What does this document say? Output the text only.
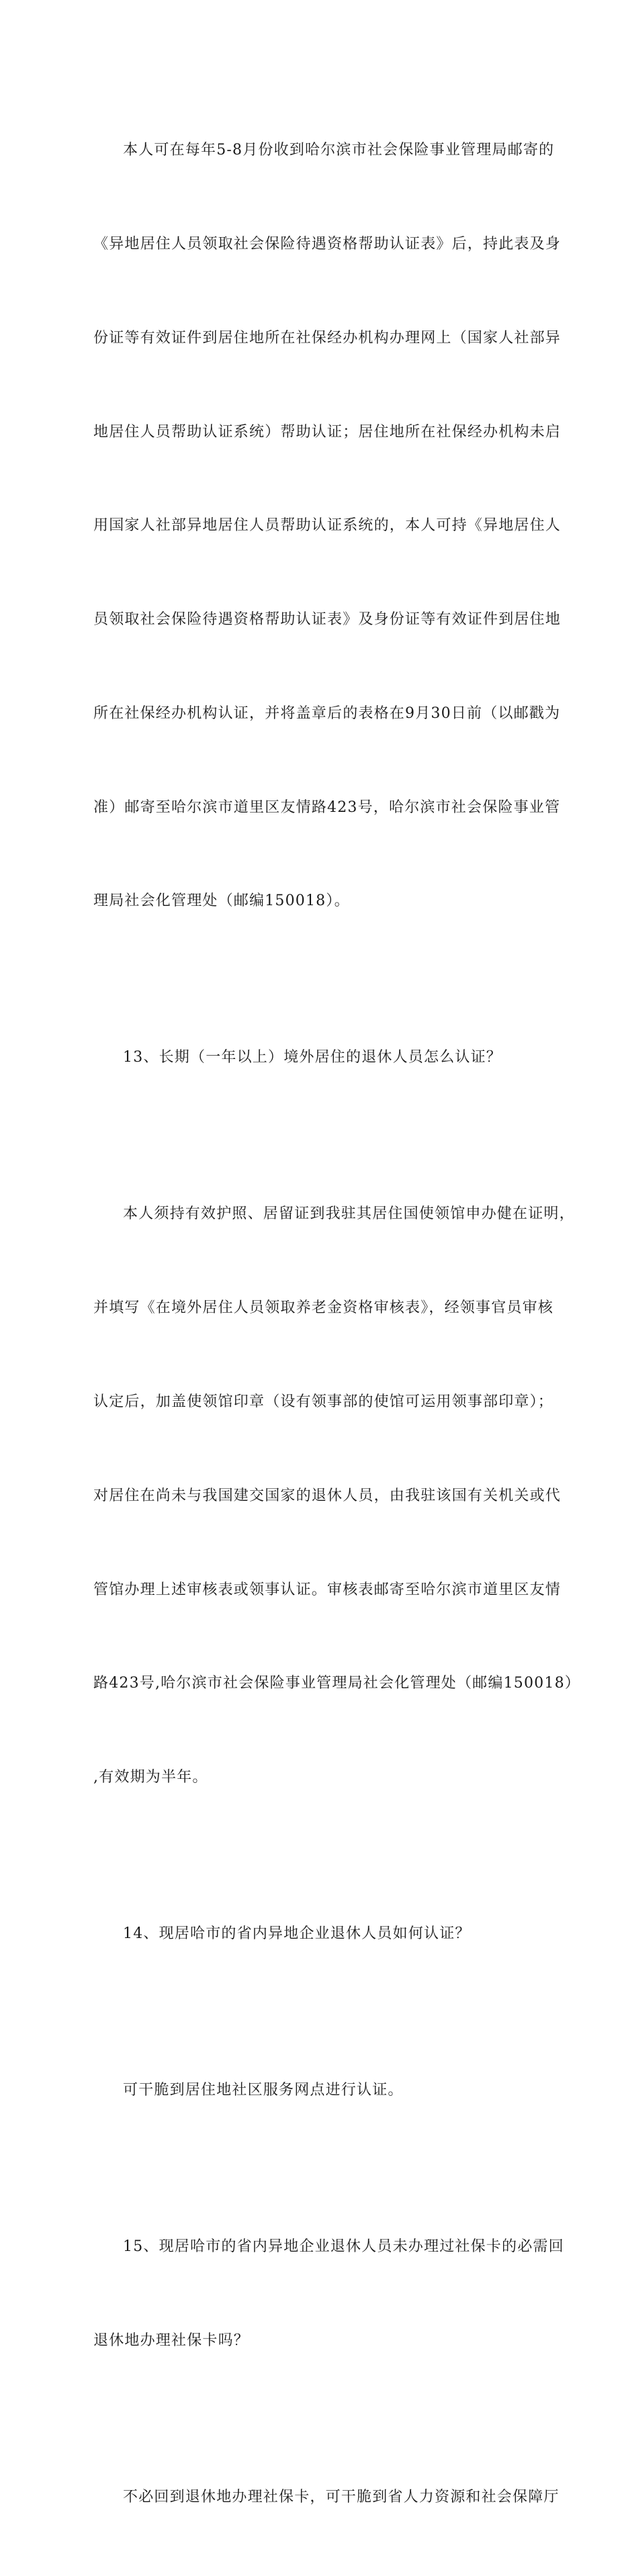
本人可在每年5-8月份收到哈尔滨市社会保险事业管理局邮寄的

《异地居住人员领取社会保险待遇资格帮助认证表》后，持此表及身

份证等有效证件到居住地所在社保经办机构办理网上（国家人社部异

地居住人员帮助认证系统）帮助认证；居住地所在社保经办机构未启

用国家人社部异地居住人员帮助认证系统的，本人可持《异地居住人

员领取社会保险待遇资格帮助认证表》及身份证等有效证件到居住地

所在社保经办机构认证，并将盖章后的表格在9月30日前（以邮戳为

准）邮寄至哈尔滨市道里区友情路423号，哈尔滨市社会保险事业管

理局社会化管理处（邮编150018）。

13、长期（一年以上）境外居住的退休人员怎么认证？

本人须持有效护照、居留证到我驻其居住国使领馆申办健在证明，

并填写《在境外居住人员领取养老金资格审核表》，经领事官员审核

认定后，加盖使领馆印章（设有领事部的使馆可运用领事部印章）；

对居住在尚未与我国建交国家的退休人员，由我驻该国有关机关或代

管馆办理上述审核表或领事认证。审核表邮寄至哈尔滨市道里区友情

路423号,哈尔滨市社会保险事业管理局社会化管理处（邮编150018）

,有效期为半年。

14、现居哈市的省内异地企业退休人员如何认证？

可干脆到居住地社区服务网点进行认证。

15、现居哈市的省内异地企业退休人员未办理过社保卡的必需回

退休地办理社保卡吗？

不必回到退休地办理社保卡，可干脆到省人力资源和社会保障厅
